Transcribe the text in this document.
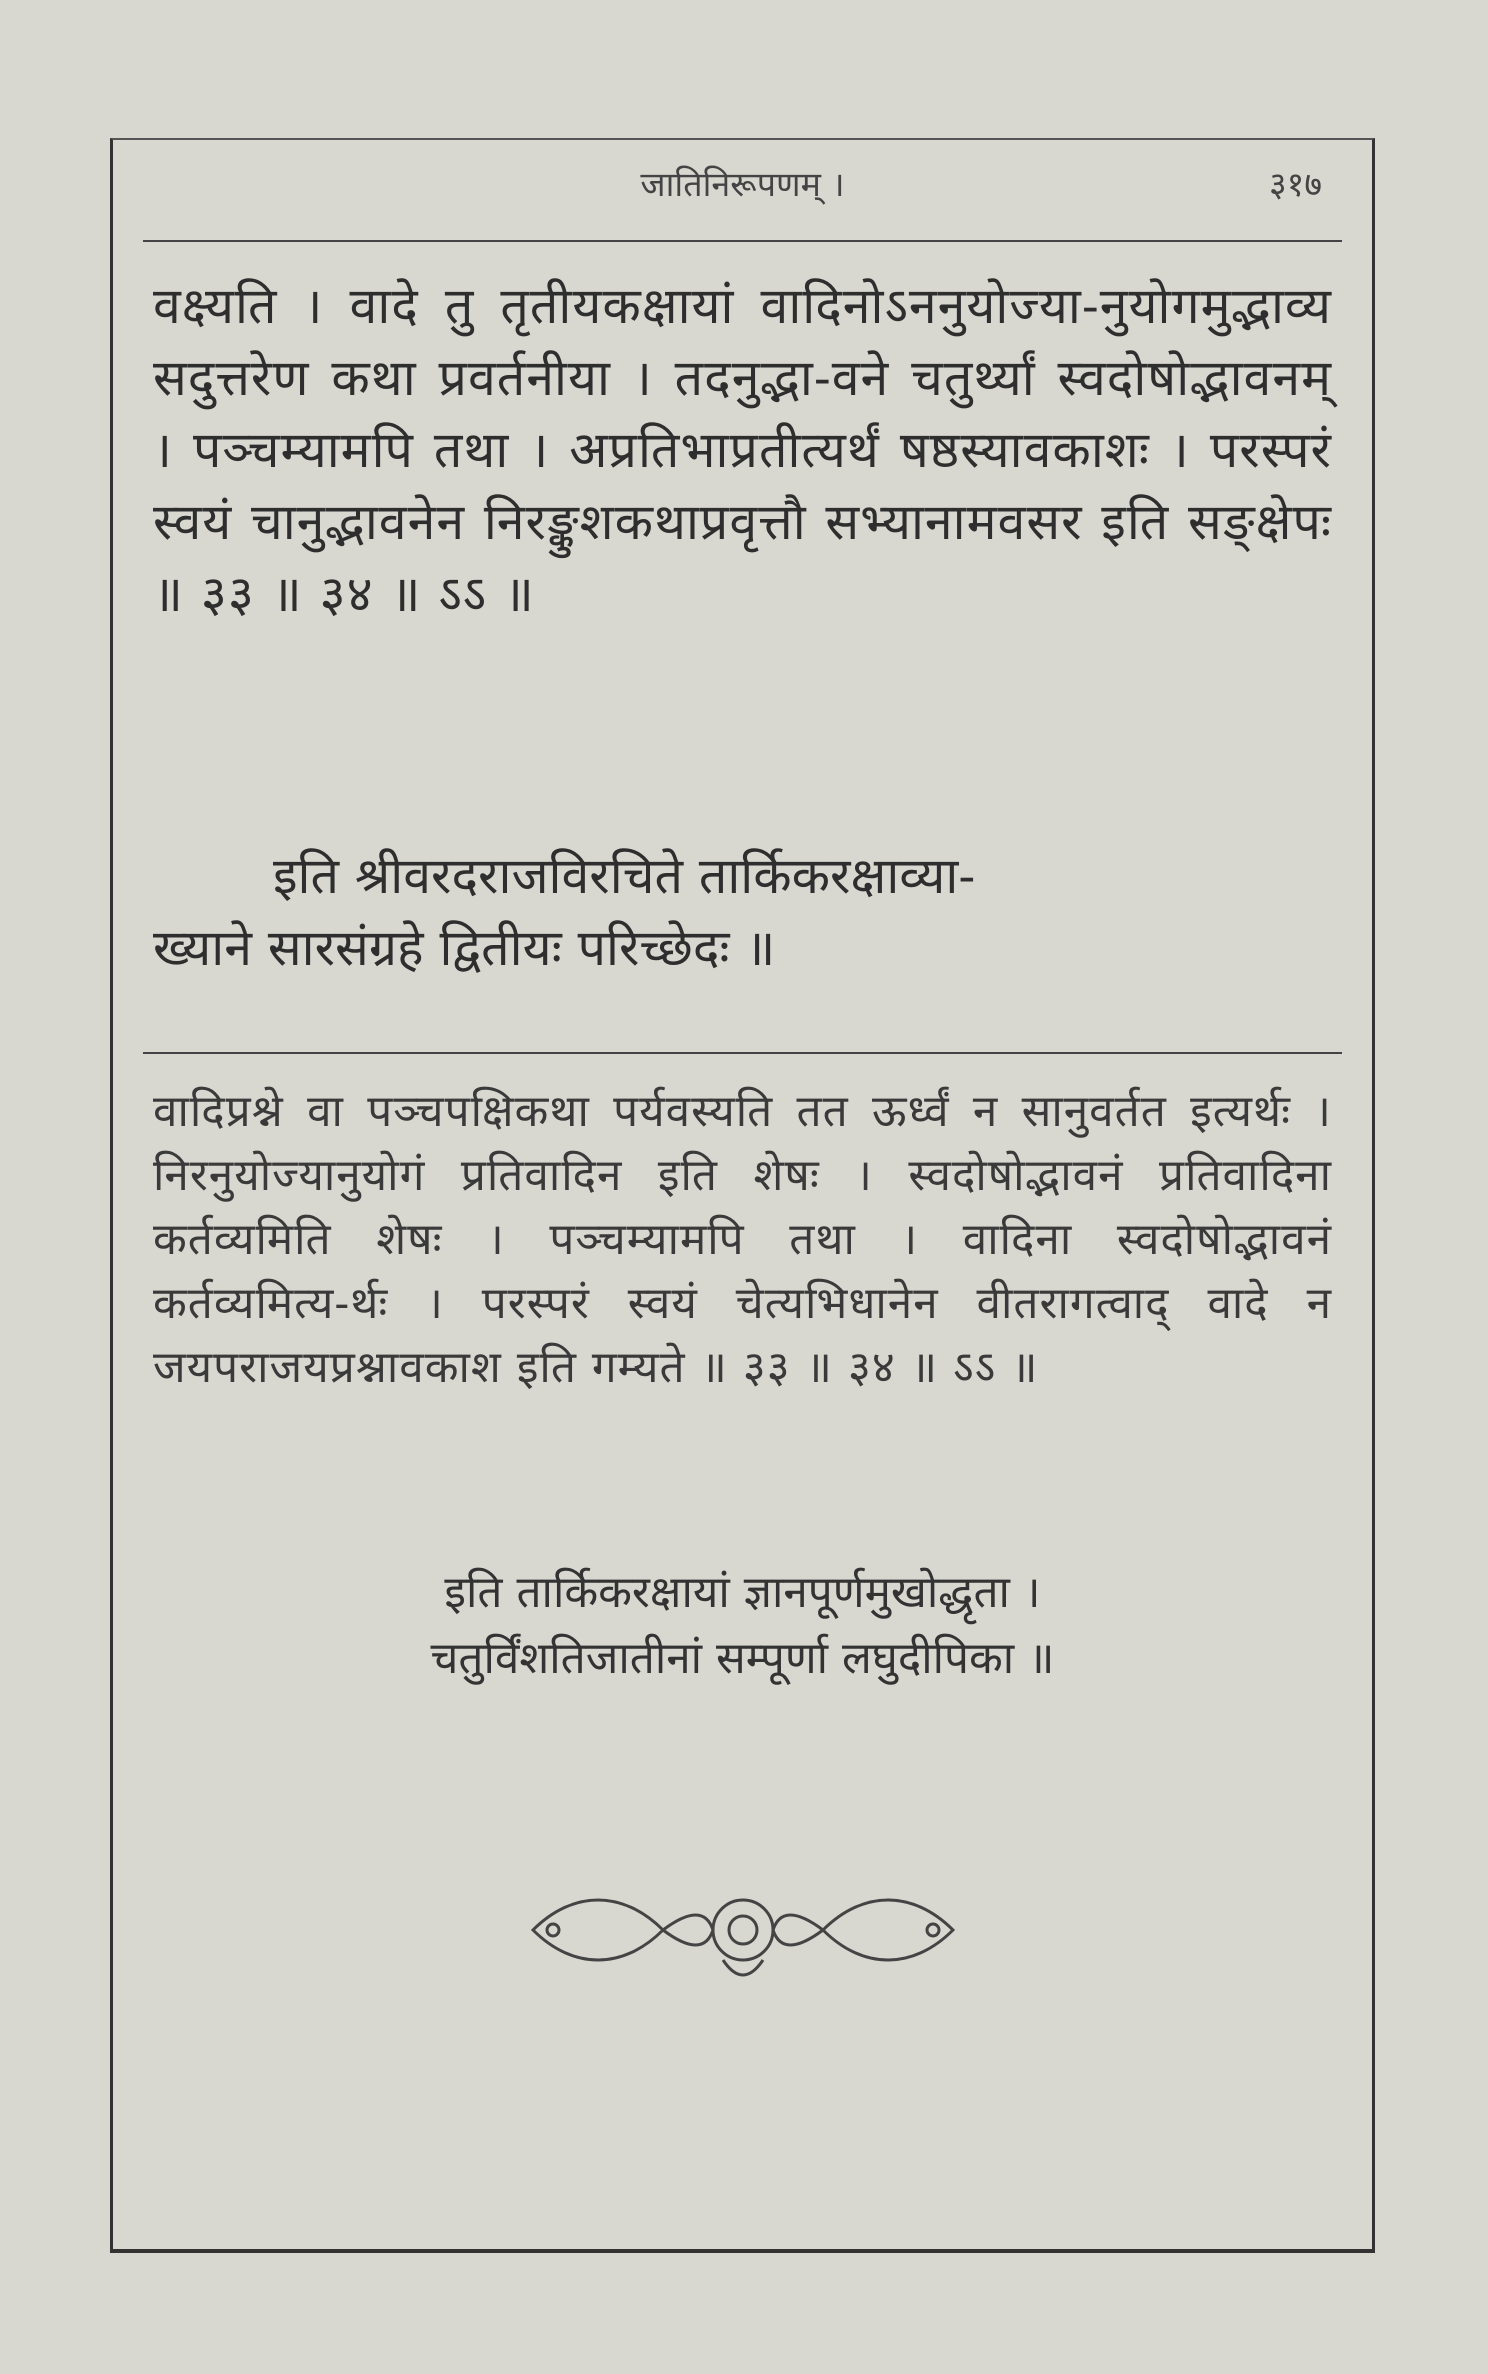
जातिनिरूपणम् ।	३१७
वक्ष्यति । वादे तु तृतीयकक्षायां वादिनोऽननुयोज्या-नुयोगमुद्भाव्य सदुत्तरेण कथा प्रवर्तनीया । तदनुद्भा-वने चतुर्थ्यां स्वदोषोद्भावनम् । पञ्चम्यामपि तथा । अप्रतिभाप्रतीत्यर्थं षष्ठस्यावकाशः । परस्परं स्वयं चानुद्भावनेन निरङ्कुशकथाप्रवृत्तौ सभ्यानामवसर इति सङ्क्षेपः ॥ ३३ ॥ ३४ ॥ ऽऽ ॥
इति श्रीवरदराजविरचिते तार्किकरक्षाव्या-
ख्याने सारसंग्रहे द्वितीयः परिच्छेदः ॥
वादिप्रश्ने वा पञ्चपक्षिकथा पर्यवस्यति तत ऊर्ध्वं न सानुवर्तत इत्यर्थः । निरनुयोज्यानुयोगं प्रतिवादिन इति शेषः । स्वदोषोद्भावनं प्रतिवादिना कर्तव्यमिति शेषः । पञ्चम्यामपि तथा । वादिना स्वदोषोद्भावनं कर्तव्यमित्य-र्थः । परस्परं स्वयं चेत्यभिधानेन वीतरागत्वाद् वादे न जयपराजयप्रश्नावकाश इति गम्यते ॥ ३३ ॥ ३४ ॥ ऽऽ ॥
इति तार्किकरक्षायां ज्ञानपूर्णमुखोद्धृता ।
चतुर्विंशतिजातीनां सम्पूर्णा लघुदीपिका ॥
